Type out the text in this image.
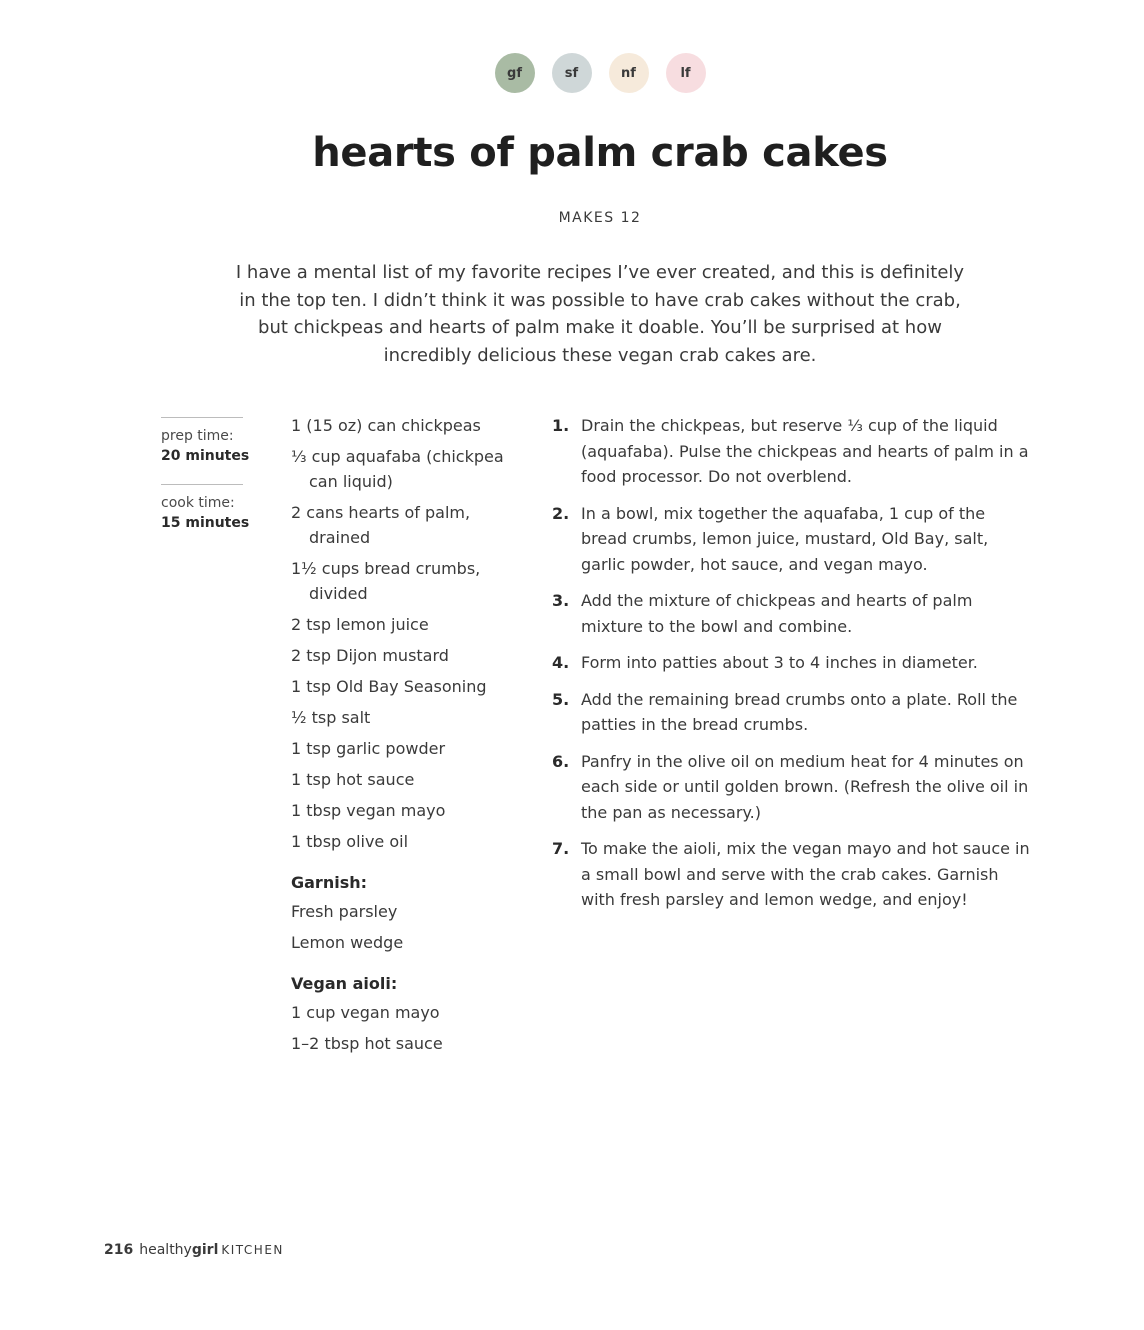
gf	sf	nf	lf
hearts of palm crab cakes
MAKES 12

I have a mental list of my favorite recipes I’ve ever created, and this is definitely in the top ten. I didn’t think it was possible to have crab cakes without the crab, but chickpeas and hearts of palm make it doable. You’ll be surprised at how incredibly delicious these vegan crab cakes are.

prep time:
20 minutes
cook time:
15 minutes
1 (15 oz) can chickpeas
⅓ cup aquafaba (chickpea can liquid)
2 cans hearts of palm, drained
1½ cups bread crumbs, divided
2 tsp lemon juice
2 tsp Dijon mustard
1 tsp Old Bay Seasoning
½ tsp salt
1 tsp garlic powder
1 tsp hot sauce
1 tbsp vegan mayo
1 tbsp olive oil
Garnish:
Fresh parsley
Lemon wedge
Vegan aioli:
1 cup vegan mayo
1–2 tbsp hot sauce
1. Drain the chickpeas, but reserve ⅓ cup of the liquid (aquafaba). Pulse the chickpeas and hearts of palm in a food processor. Do not overblend.
2. In a bowl, mix together the aquafaba, 1 cup of the bread crumbs, lemon juice, mustard, Old Bay, salt, garlic powder, hot sauce, and vegan mayo.
3. Add the mixture of chickpeas and hearts of palm mixture to the bowl and combine.
4. Form into patties about 3 to 4 inches in diameter.
5. Add the remaining bread crumbs onto a plate. Roll the patties in the bread crumbs.
6. Panfry in the olive oil on medium heat for 4 minutes on each side or until golden brown. (Refresh the olive oil in the pan as necessary.)
7. To make the aioli, mix the vegan mayo and hot sauce in a small bowl and serve with the crab cakes. Garnish with fresh parsley and lemon wedge, and enjoy!
216 healthygirl KITCHEN
